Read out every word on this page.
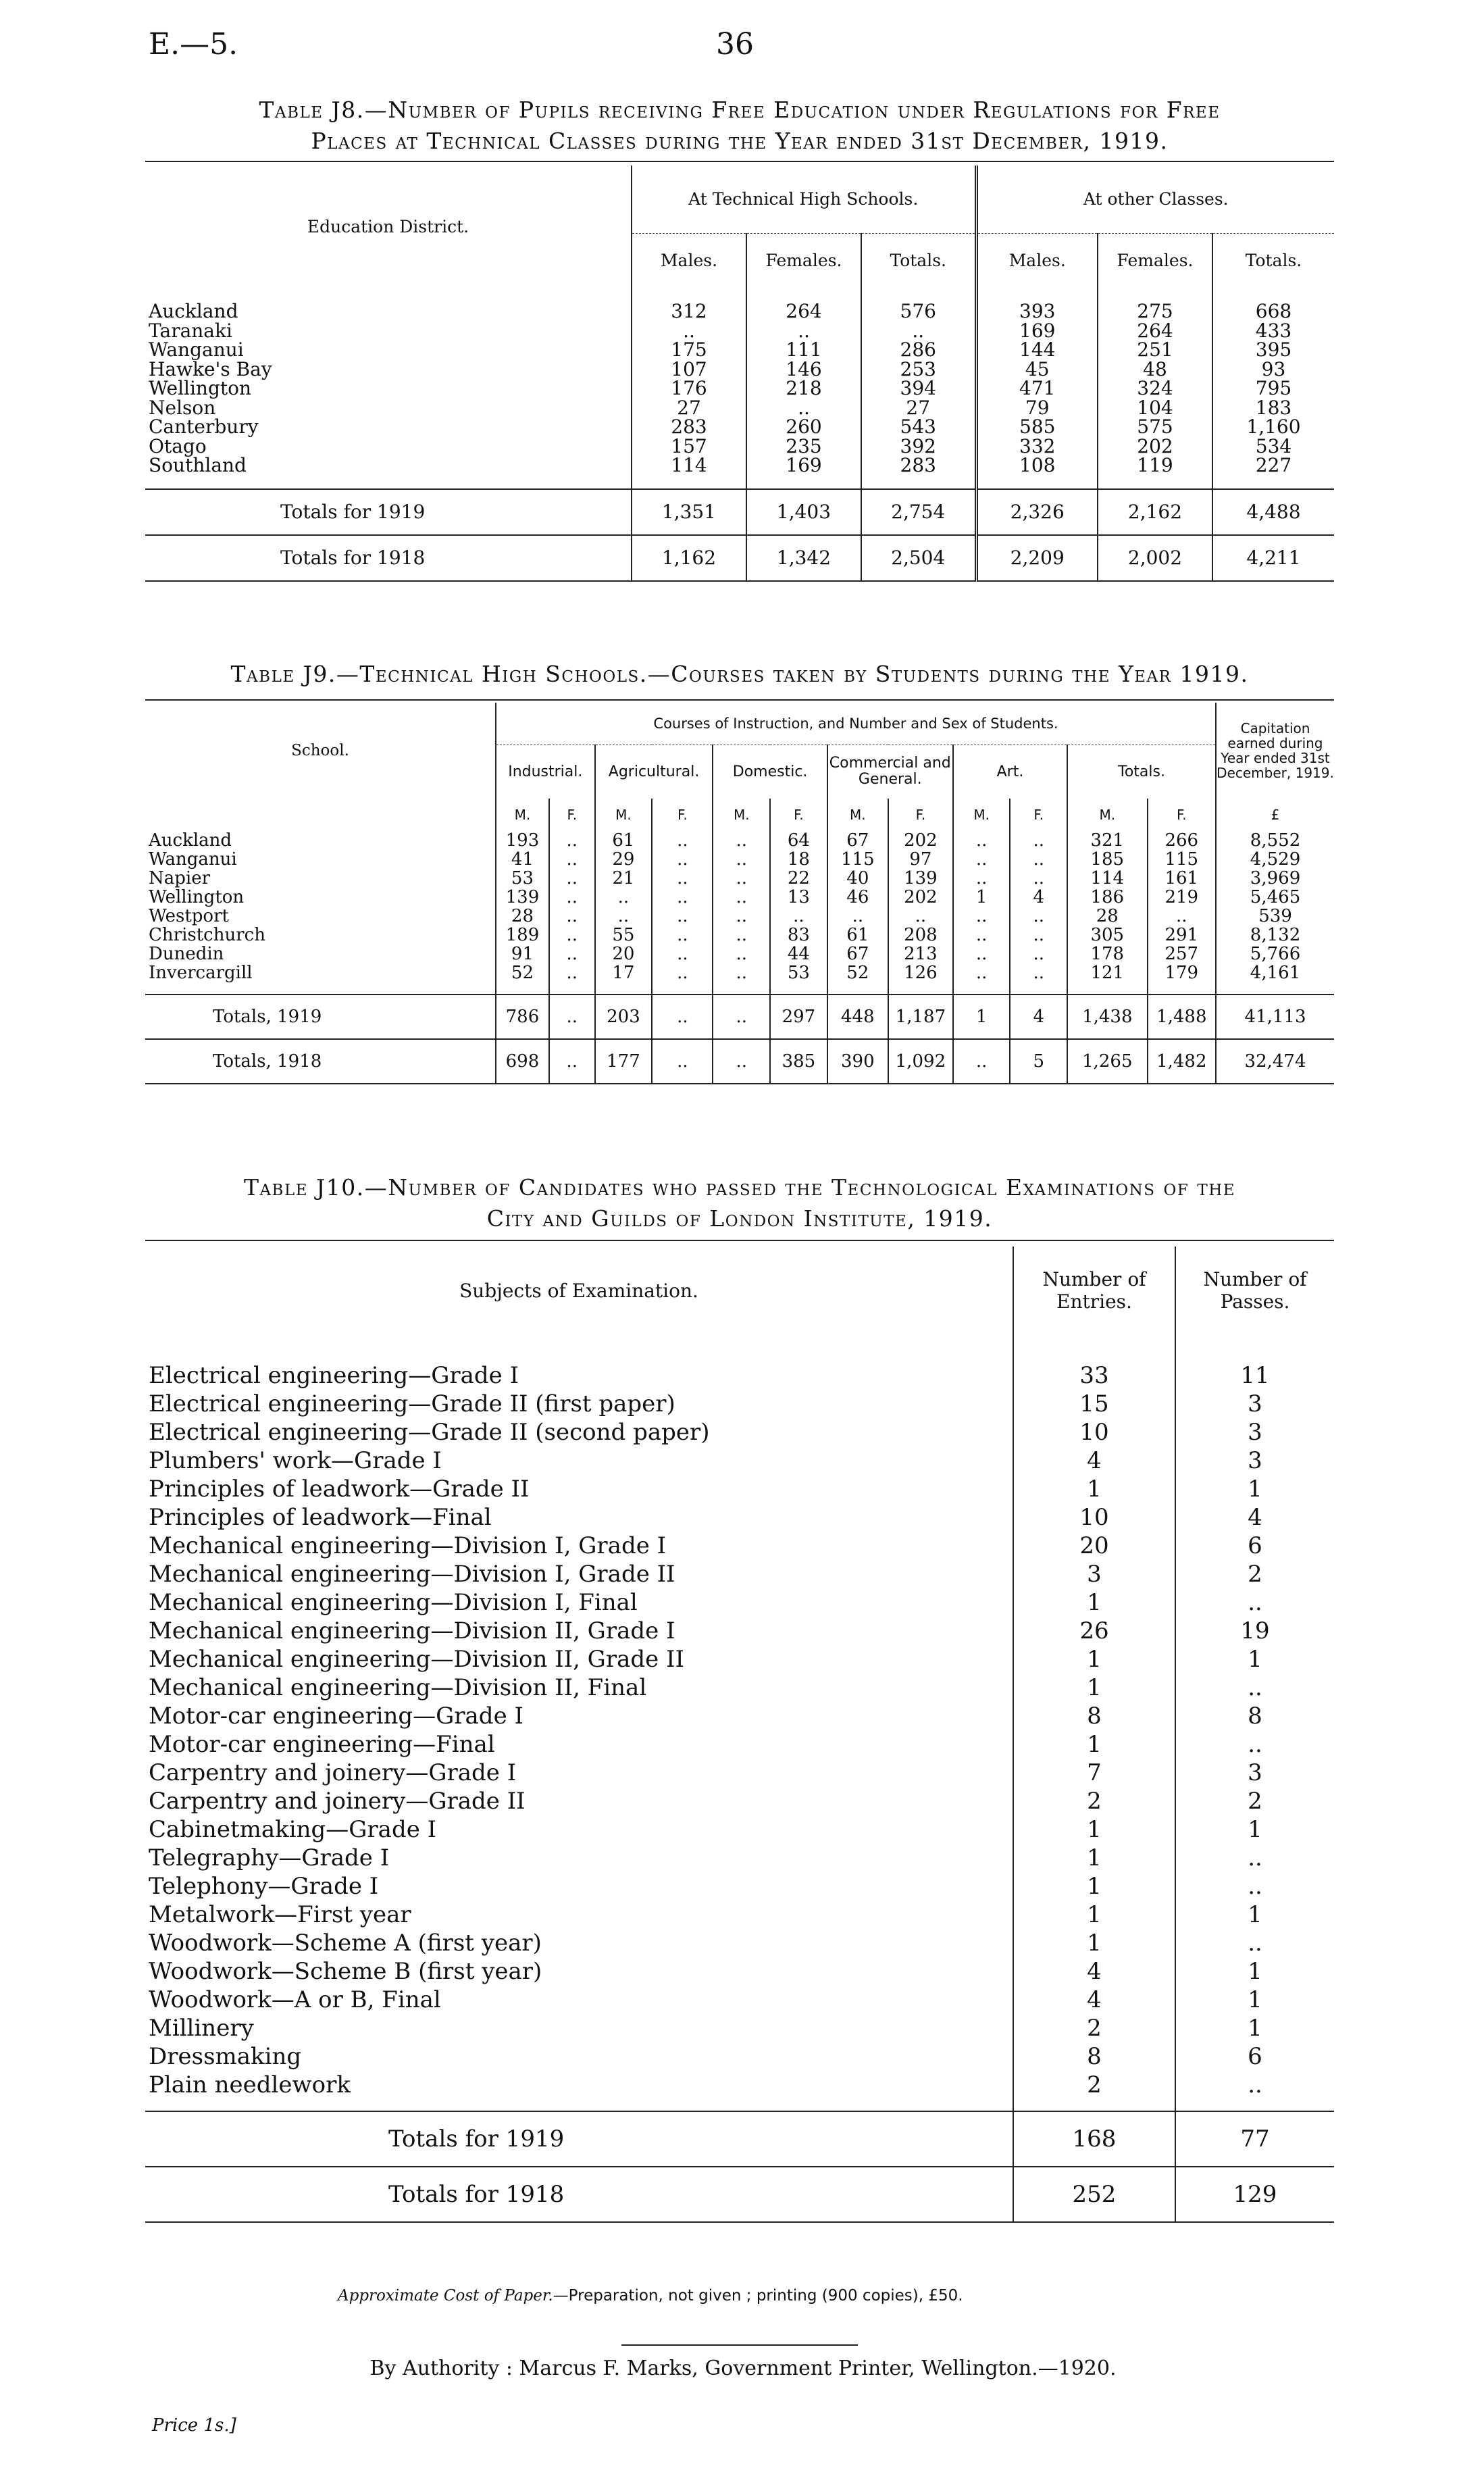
E.—5.	36
Table J8.—Number of Pupils receiving Free Education under Regulations for Free
Places at Technical Classes during the Year ended 31st December, 1919.
Education District.	At Technical High Schools.			At other Classes.		
	Males.	Females.	Totals.	Males.	Females.	Totals.

Auckland	312	264	576	393	275	668
Taranaki	..	..	..	169	264	433
Wanganui	175	111	286	144	251	395
Hawke's Bay	107	146	253	45	48	93
Wellington	176	218	394	471	324	795
Nelson	27	..	27	79	104	183
Canterbury	283	260	543	585	575	1,160
Otago	157	235	392	332	202	534
Southland	114	169	283	108	119	227

Totals for 1919	1,351	1,403	2,754	2,326	2,162	4,488
Totals for 1918	1,162	1,342	2,504	2,209	2,002	4,211
Table J9.—Technical High Schools.—Courses taken by Students during the Year 1919.
School.	Courses of Instruction, and Number and Sex of Students.												Capitation earned during Year ended 31st December, 1919.
	Industrial.		Agricultural.		Domestic.		Commercial and General.		Art.		Totals.		

	M.	F.	M.	F.	M.	F.	M.	F.	M.	F.	M.	F.	£
Auckland	193	..	61	..	..	64	67	202	..	..	321	266	8,552
Wanganui	41	..	29	..	..	18	115	97	..	..	185	115	4,529
Napier	53	..	21	..	..	22	40	139	..	..	114	161	3,969
Wellington	139	..	..	..	..	13	46	202	1	4	186	219	5,465
Westport	28	..	..	..	..	..	..	..	..	..	28	..	539
Christchurch	189	..	55	..	..	83	61	208	..	..	305	291	8,132
Dunedin	91	..	20	..	..	44	67	213	..	..	178	257	5,766
Invercargill	52	..	17	..	..	53	52	126	..	..	121	179	4,161

Totals, 1919	786	..	203	..	..	297	448	1,187	1	4	1,438	1,488	41,113
Totals, 1918	698	..	177	..	..	385	390	1,092	..	5	1,265	1,482	32,474
Table J10.—Number of Candidates who passed the Technological Examinations of the
City and Guilds of London Institute, 1919.
Subjects of Examination.	Number of Entries.	Number of Passes.

Electrical engineering—Grade I	33	11
Electrical engineering—Grade II (first paper)	15	3
Electrical engineering—Grade II (second paper)	10	3
Plumbers' work—Grade I	4	3
Principles of leadwork—Grade II	1	1
Principles of leadwork—Final	10	4
Mechanical engineering—Division I, Grade I	20	6
Mechanical engineering—Division I, Grade II	3	2
Mechanical engineering—Division I, Final	1	..
Mechanical engineering—Division II, Grade I	26	19
Mechanical engineering—Division II, Grade II	1	1
Mechanical engineering—Division II, Final	1	..
Motor-car engineering—Grade I	8	8
Motor-car engineering—Final	1	..
Carpentry and joinery—Grade I	7	3
Carpentry and joinery—Grade II	2	2
Cabinetmaking—Grade I	1	1
Telegraphy—Grade I	1	..
Telephony—Grade I	1	..
Metalwork—First year	1	1
Woodwork—Scheme A (first year)	1	..
Woodwork—Scheme B (first year)	4	1
Woodwork—A or B, Final	4	1
Millinery	2	1
Dressmaking	8	6
Plain needlework	2	..

Totals for 1919	168	77
Totals for 1918	252	129
Approximate Cost of Paper.—Preparation, not given ; printing (900 copies), £50.
By Authority : Marcus F. Marks, Government Printer, Wellington.—1920.
Price 1s.]
